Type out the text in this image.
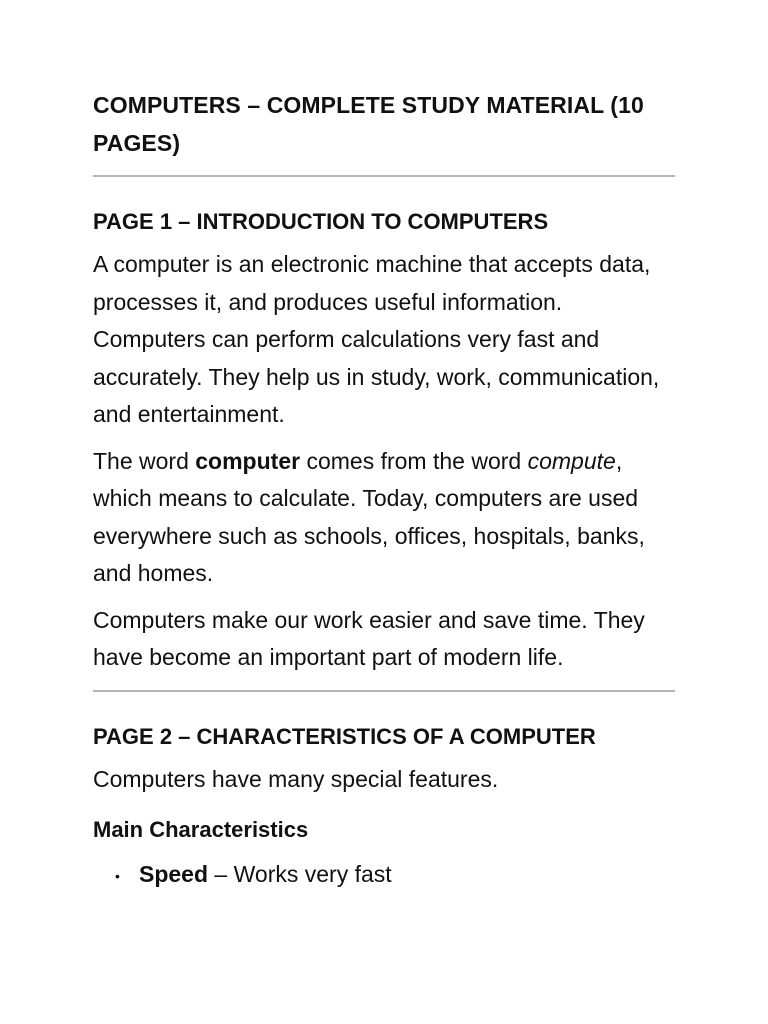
COMPUTERS – COMPLETE STUDY MATERIAL (10 PAGES)
PAGE 1 – INTRODUCTION TO COMPUTERS

A computer is an electronic machine that accepts data, processes it, and produces useful information. Computers can perform calculations very fast and accurately. They help us in study, work, communication, and entertainment.

The word computer comes from the word compute, which means to calculate. Today, computers are used everywhere such as schools, offices, hospitals, banks, and homes.

Computers make our work easier and save time. They have become an important part of modern life.

PAGE 2 – CHARACTERISTICS OF A COMPUTER

Computers have many special features.

Main Characteristics
• Speed – Works very fast
